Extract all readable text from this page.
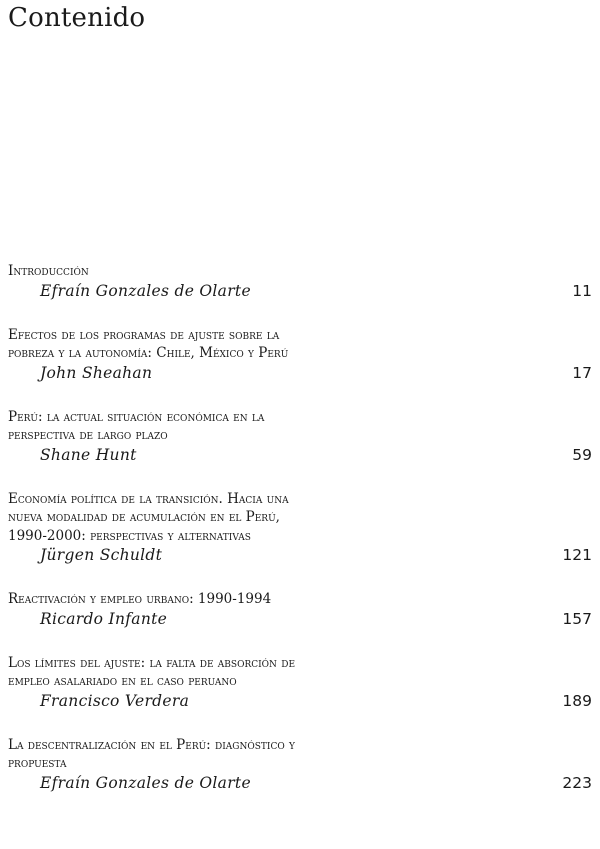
Contenido
Introducción
Efraín Gonzales de Olarte	11
Efectos de los programas de ajuste sobre la
pobreza y la autonomía: Chile, México y Perú
John Sheahan	17
Perú: la actual situación económica en la
perspectiva de largo plazo
Shane Hunt	59
Economía política de la transición. Hacia una
nueva modalidad de acumulación en el Perú,
1990-2000: perspectivas y alternativas
Jürgen Schuldt	121
Reactivación y empleo urbano: 1990-1994
Ricardo Infante	157
Los límites del ajuste: la falta de absorción de
empleo asalariado en el caso peruano
Francisco Verdera	189
La descentralización en el Perú: diagnóstico y
propuesta
Efraín Gonzales de Olarte	223
